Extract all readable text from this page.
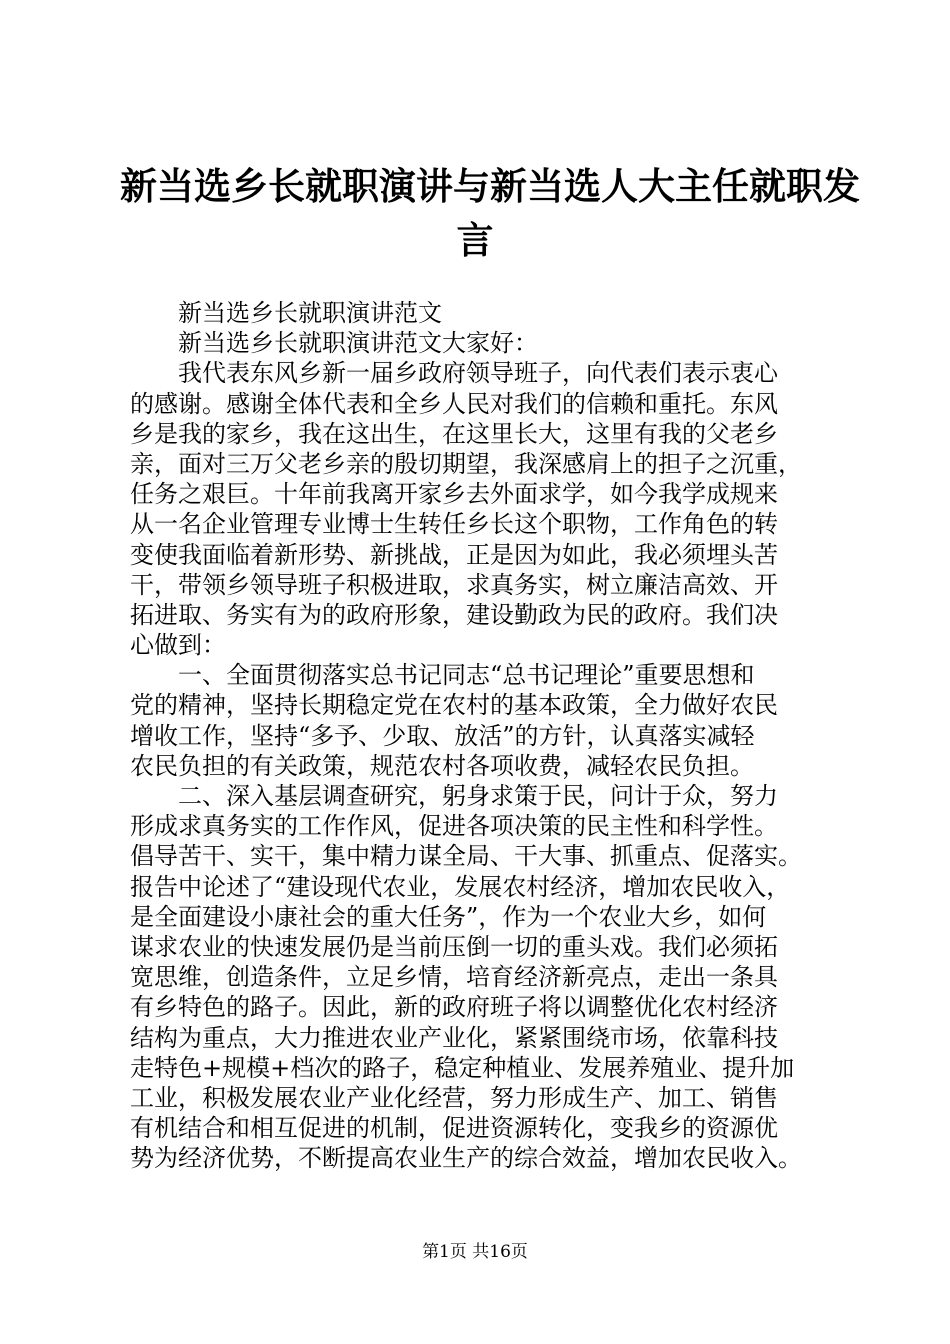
新当选乡长就职演讲与新当选人大主任就职发
言
　　新当选乡长就职演讲范文
　　新当选乡长就职演讲范文大家好：
　　我代表东风乡新一届乡政府领导班子，向代表们表示衷心
的感谢。感谢全体代表和全乡人民对我们的信赖和重托。东风
乡是我的家乡，我在这出生，在这里长大，这里有我的父老乡
亲，面对三万父老乡亲的殷切期望，我深感肩上的担子之沉重，
任务之艰巨。十年前我离开家乡去外面求学，如今我学成规来
从一名企业管理专业博士生转任乡长这个职物，工作角色的转
变使我面临着新形势、新挑战，正是因为如此，我必须埋头苦
干，带领乡领导班子积极进取，求真务实，树立廉洁高效、开
拓进取、务实有为的政府形象，建设勤政为民的政府。我们决
心做到：
　　一、全面贯彻落实总书记同志“总书记理论”重要思想和
党的精神，坚持长期稳定党在农村的基本政策，全力做好农民
增收工作，坚持“多予、少取、放活”的方针，认真落实减轻
农民负担的有关政策，规范农村各项收费，减轻农民负担。
　　二、深入基层调查研究，躬身求策于民，问计于众，努力
形成求真务实的工作作风，促进各项决策的民主性和科学性。
倡导苦干、实干，集中精力谋全局、干大事、抓重点、促落实。
报告中论述了“建设现代农业，发展农村经济，增加农民收入，
是全面建设小康社会的重大任务”，作为一个农业大乡，如何
谋求农业的快速发展仍是当前压倒一切的重头戏。我们必须拓
宽思维，创造条件，立足乡情，培育经济新亮点，走出一条具
有乡特色的路子。因此，新的政府班子将以调整优化农村经济
结构为重点，大力推进农业产业化，紧紧围绕市场，依靠科技
走特色+规模+档次的路子，稳定种植业、发展养殖业、提升加
工业，积极发展农业产业化经营，努力形成生产、加工、销售
有机结合和相互促进的机制，促进资源转化，变我乡的资源优
势为经济优势，不断提高农业生产的综合效益，增加农民收入。
第1页 共16页
